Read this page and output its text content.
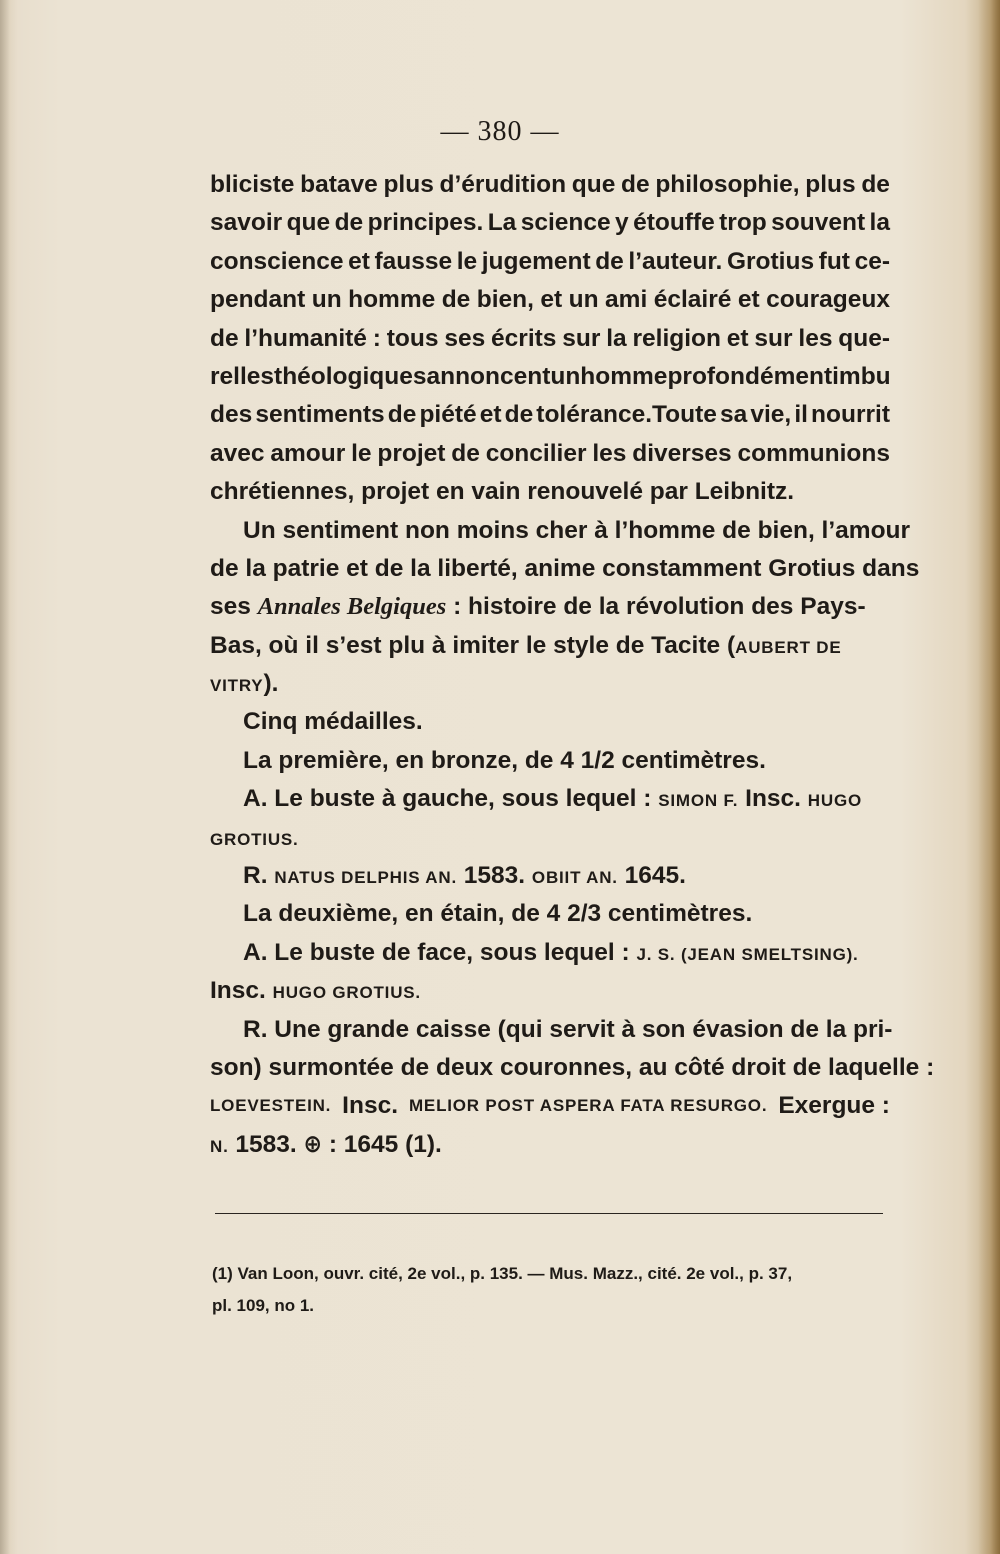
— 380 —
bliciste batave plus d’érudition que de philosophie, plus de
savoir que de principes. La science y étouffe trop souvent la
conscience et fausse le jugement de l’auteur. Grotius fut ce-
pendant un homme de bien, et un ami éclairé et courageux
de l’humanité : tous ses écrits sur la religion et sur les que-
relles théologiques annoncent un homme profondément imbu
des sentiments de piété et de tolérance.Toute sa vie, il nourrit
avec amour le projet de concilier les diverses communions
chrétiennes, projet en vain renouvelé par Leibnitz.
Un sentiment non moins cher à l’homme de bien, l’amour
de la patrie et de la liberté, anime constamment Grotius dans
ses Annales Belgiques : histoire de la révolution des Pays-
Bas, où il s’est plu à imiter le style de Tacite (AUBERT DE
VITRY).
Cinq médailles.
La première, en bronze, de 4 1/2 centimètres.
A. Le buste à gauche, sous lequel : SIMON F. Insc. HUGO
GROTIUS.
R. NATUS DELPHIS AN. 1583. OBIIT AN. 1645.
La deuxième, en étain, de 4 2/3 centimètres.
A. Le buste de face, sous lequel : J. S. (JEAN SMELTSING).
Insc. HUGO GROTIUS.
R. Une grande caisse (qui servit à son évasion de la pri-
son) surmontée de deux couronnes, au côté droit de laquelle :
LOEVESTEIN. Insc. MELIOR POST ASPERA FATA RESURGO. Exergue :
N. 1583. ⊕ : 1645 (1).
(1) Van Loon, ouvr. cité, 2e vol., p. 135. — Mus. Mazz., cité. 2e vol., p. 37,
pl. 109, no 1.
